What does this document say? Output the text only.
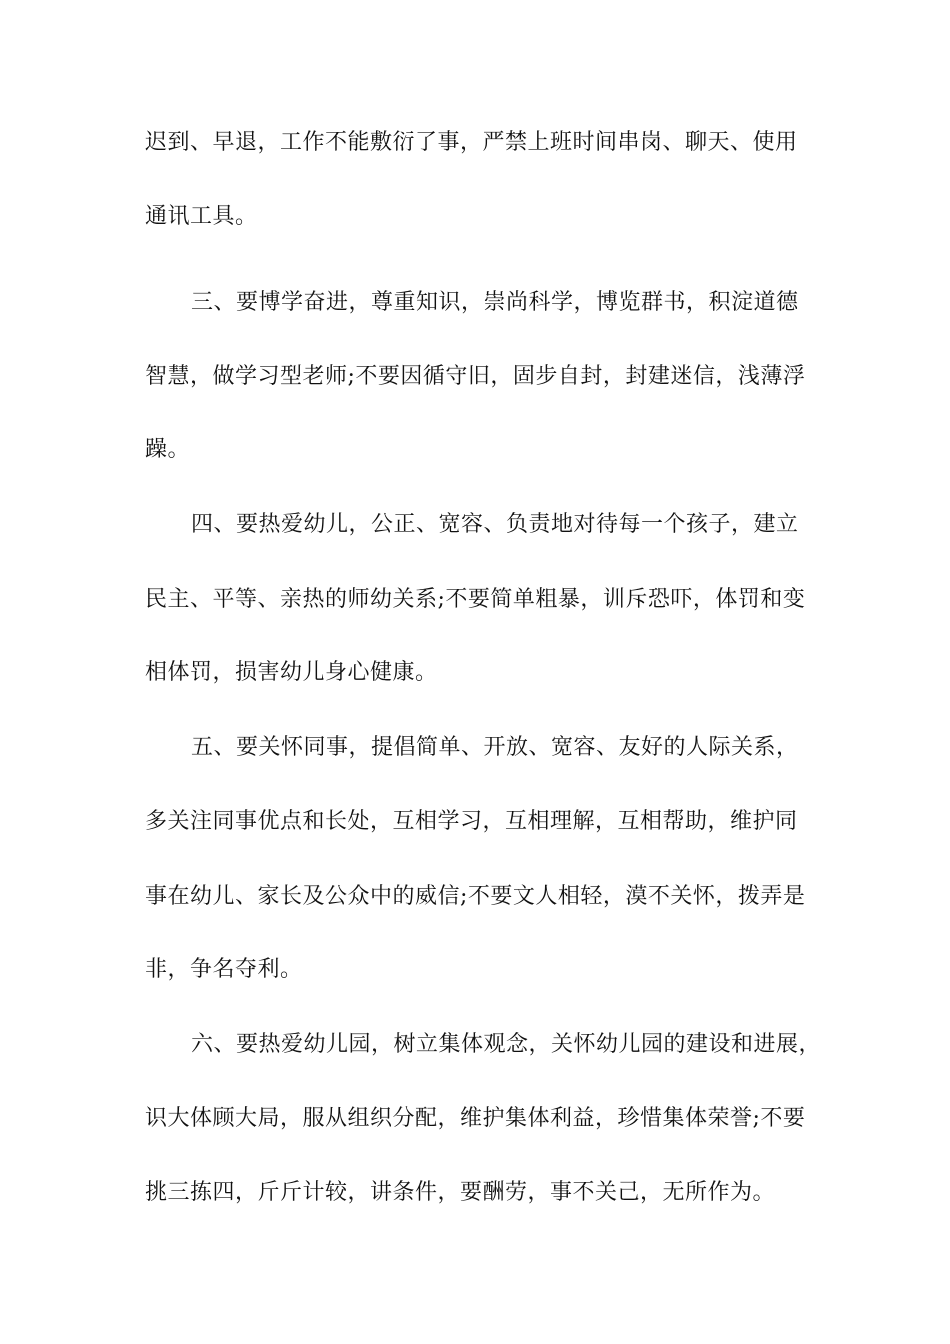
迟到、早退，工作不能敷衍了事，严禁上班时间串岗、聊天、使用
通讯工具。
三、要博学奋进，尊重知识，崇尚科学，博览群书，积淀道德
智慧，做学习型老师;不要因循守旧，固步自封，封建迷信，浅薄浮
躁。
四、要热爱幼儿，公正、宽容、负责地对待每一个孩子，建立
民主、平等、亲热的师幼关系;不要简单粗暴，训斥恐吓，体罚和变
相体罚，损害幼儿身心健康。
五、要关怀同事，提倡简单、开放、宽容、友好的人际关系，
多关注同事优点和长处，互相学习，互相理解，互相帮助，维护同
事在幼儿、家长及公众中的威信;不要文人相轻，漠不关怀，拨弄是
非，争名夺利。
六、要热爱幼儿园，树立集体观念，关怀幼儿园的建设和进展，
识大体顾大局，服从组织分配，维护集体利益，珍惜集体荣誉;不要
挑三拣四，斤斤计较，讲条件，要酬劳，事不关己，无所作为。
